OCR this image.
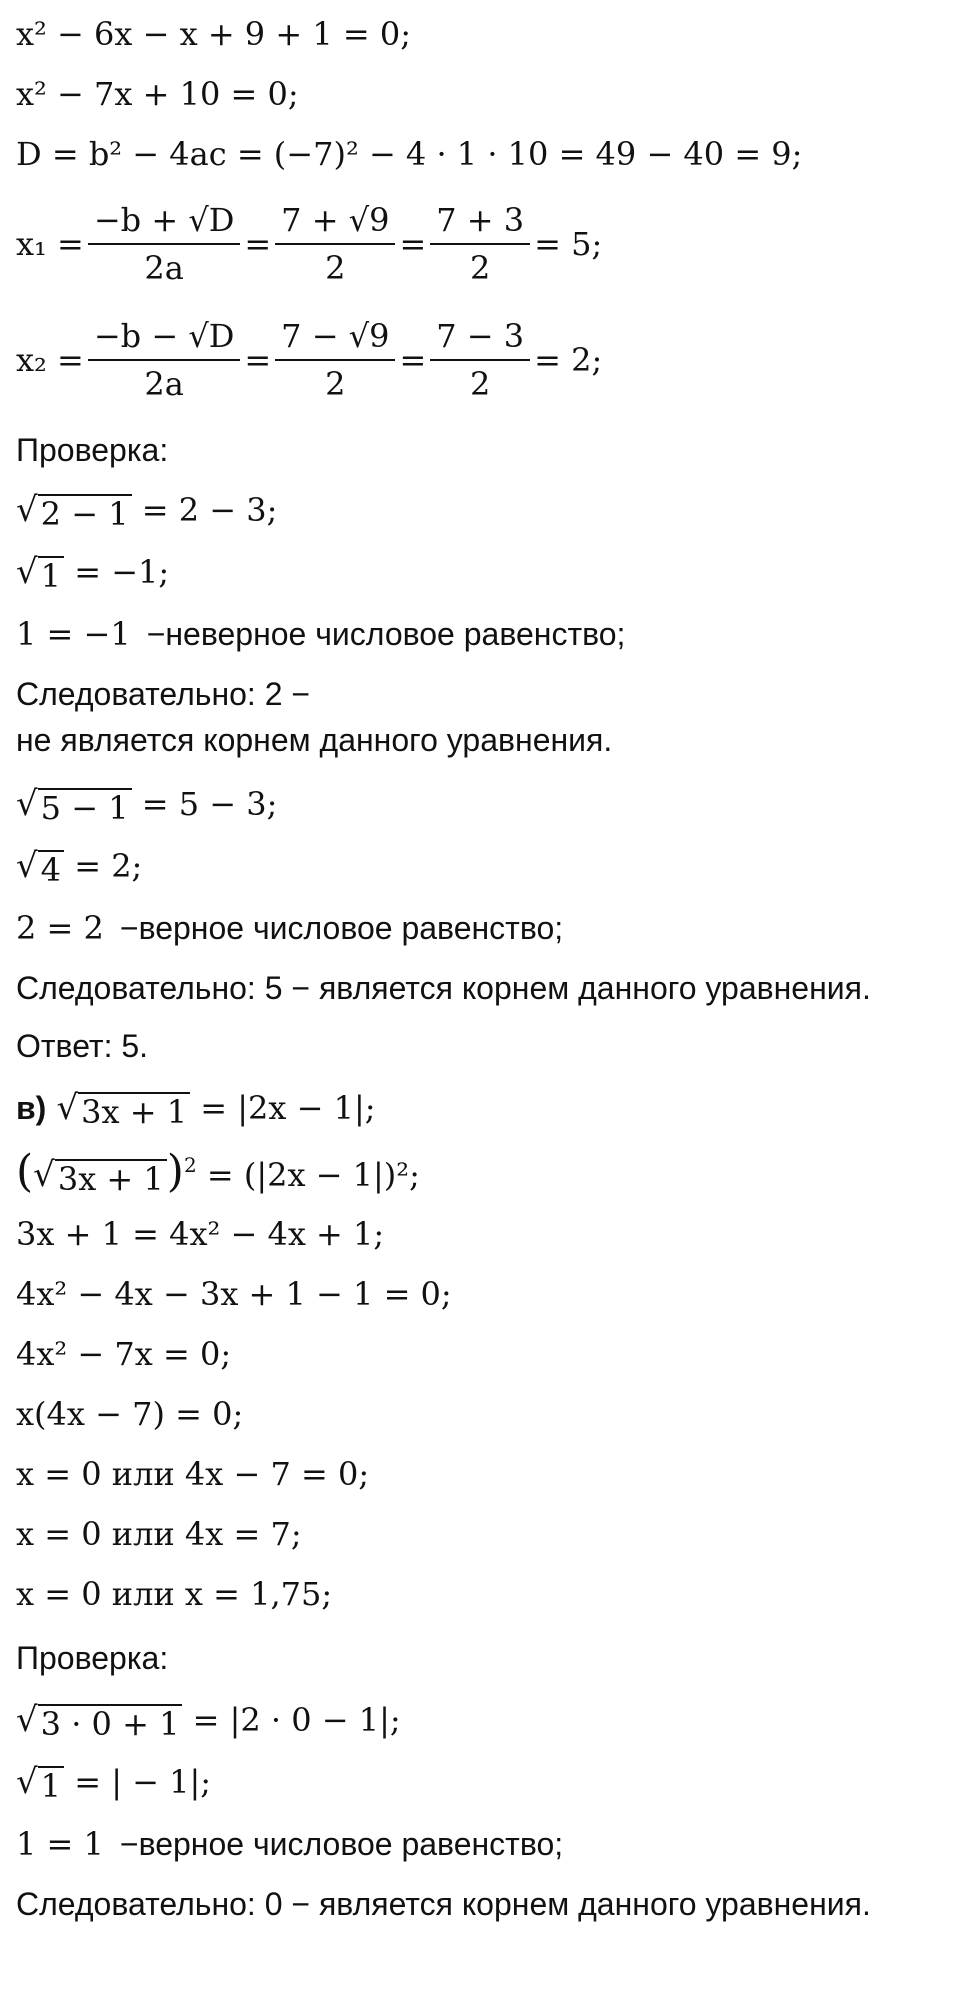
x² − 6x − x + 9 + 1 = 0;
x² − 7x + 10 = 0;
D = b² − 4ac = (−7)² − 4 · 1 · 10 = 49 − 40 = 9;
$x_1 = \frac{-b + √D}{2a} = \frac{7 + √9}{2} = \frac{7 + 3}{2} = 5$;
$x_2 = \frac{-b - √D}{2a} = \frac{7 - √9}{2} = \frac{7 - 3}{2} = 2$;
Проверка:
√ 2 − 1 = 2 − 3;
√ 1 = −1;
1 = −1 −неверное числовое равенство;
Следовательно: 2 −
не является корнем данного уравнения.
√ 5 − 1 = 5 − 3;
√ 4 = 2;
2 = 2 −верное числовое равенство;
Следовательно: 5 − является корнем данного уравнения.
Ответ: 5.
в) √ 3x + 1 = |2x − 1|;
( √ 3x + 1 )$^2$ = (|2x − 1|)²;
3x + 1 = 4x² − 4x + 1;
4x² − 4x − 3x + 1 − 1 = 0;
4x² − 7x = 0;
x(4x − 7) = 0;
x = 0 или 4x − 7 = 0;
x = 0 или 4x = 7;
x = 0 или x = 1,75;
Проверка:
√ 3 · 0 + 1 = |2 · 0 − 1|;
√ 1 = | − 1|;
1 = 1 −верное числовое равенство;
Следовательно: 0 − является корнем данного уравнения.
